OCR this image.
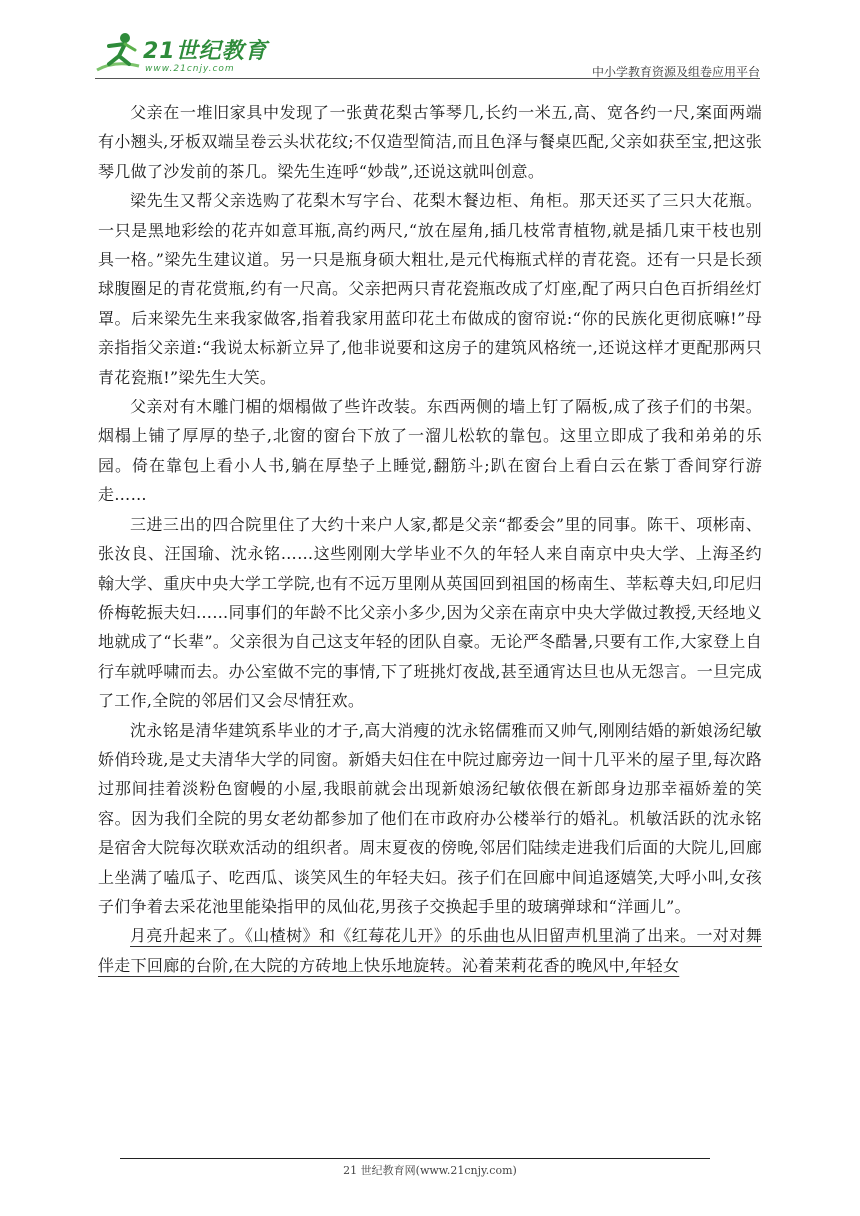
21世纪教育
www.21cnjy.com	中小学教育资源及组卷应用平台

父亲在一堆旧家具中发现了一张黄花梨古筝琴几,长约一米五,高、宽各约一尺,案面两端有小翘头,牙板双端呈卷云头状花纹;不仅造型简洁,而且色泽与餐桌匹配,父亲如获至宝,把这张琴几做了沙发前的茶几。梁先生连呼“妙哉”,还说这就叫创意。

梁先生又帮父亲选购了花梨木写字台、花梨木餐边柜、角柜。那天还买了三只大花瓶。一只是黑地彩绘的花卉如意耳瓶,高约两尺,“放在屋角,插几枝常青植物,就是插几束干枝也别具一格。”梁先生建议道。另一只是瓶身硕大粗壮,是元代梅瓶式样的青花瓷。还有一只是长颈球腹圈足的青花赏瓶,约有一尺高。父亲把两只青花瓷瓶改成了灯座,配了两只白色百折绢丝灯罩。后来梁先生来我家做客,指着我家用蓝印花土布做成的窗帘说:“你的民族化更彻底嘛!”母亲指指父亲道:“我说太标新立异了,他非说要和这房子的建筑风格统一,还说这样才更配那两只青花瓷瓶!”梁先生大笑。

父亲对有木雕门楣的烟榻做了些许改装。东西两侧的墙上钉了隔板,成了孩子们的书架。烟榻上铺了厚厚的垫子,北窗的窗台下放了一溜儿松软的靠包。这里立即成了我和弟弟的乐园。倚在靠包上看小人书,躺在厚垫子上睡觉,翻筋斗;趴在窗台上看白云在紫丁香间穿行游走……

三进三出的四合院里住了大约十来户人家,都是父亲“都委会”里的同事。陈干、项彬南、张汝良、汪国瑜、沈永铭……这些刚刚大学毕业不久的年轻人来自南京中央大学、上海圣约翰大学、重庆中央大学工学院,也有不远万里刚从英国回到祖国的杨南生、莘耘尊夫妇,印尼归侨梅乾振夫妇……同事们的年龄不比父亲小多少,因为父亲在南京中央大学做过教授,天经地义地就成了“长辈”。父亲很为自己这支年轻的团队自豪。无论严冬酷暑,只要有工作,大家登上自行车就呼啸而去。办公室做不完的事情,下了班挑灯夜战,甚至通宵达旦也从无怨言。一旦完成了工作,全院的邻居们又会尽情狂欢。

沈永铭是清华建筑系毕业的才子,高大消瘦的沈永铭儒雅而又帅气,刚刚结婚的新娘汤纪敏娇俏玲珑,是丈夫清华大学的同窗。新婚夫妇住在中院过廊旁边一间十几平米的屋子里,每次路过那间挂着淡粉色窗幔的小屋,我眼前就会出现新娘汤纪敏依偎在新郎身边那幸福娇羞的笑容。因为我们全院的男女老幼都参加了他们在市政府办公楼举行的婚礼。机敏活跃的沈永铭是宿舍大院每次联欢活动的组织者。周末夏夜的傍晚,邻居们陆续走进我们后面的大院儿,回廊上坐满了嗑瓜子、吃西瓜、谈笑风生的年轻夫妇。孩子们在回廊中间追逐嬉笑,大呼小叫,女孩子们争着去采花池里能染指甲的凤仙花,男孩子交换起手里的玻璃弹球和“洋画儿”。

月亮升起来了。《山楂树》和《红莓花儿开》的乐曲也从旧留声机里淌了出来。一对对舞伴走下回廊的台阶,在大院的方砖地上快乐地旋转。沁着茉莉花香的晚风中,年轻女

21 世纪教育网(www.21cnjy.com)
